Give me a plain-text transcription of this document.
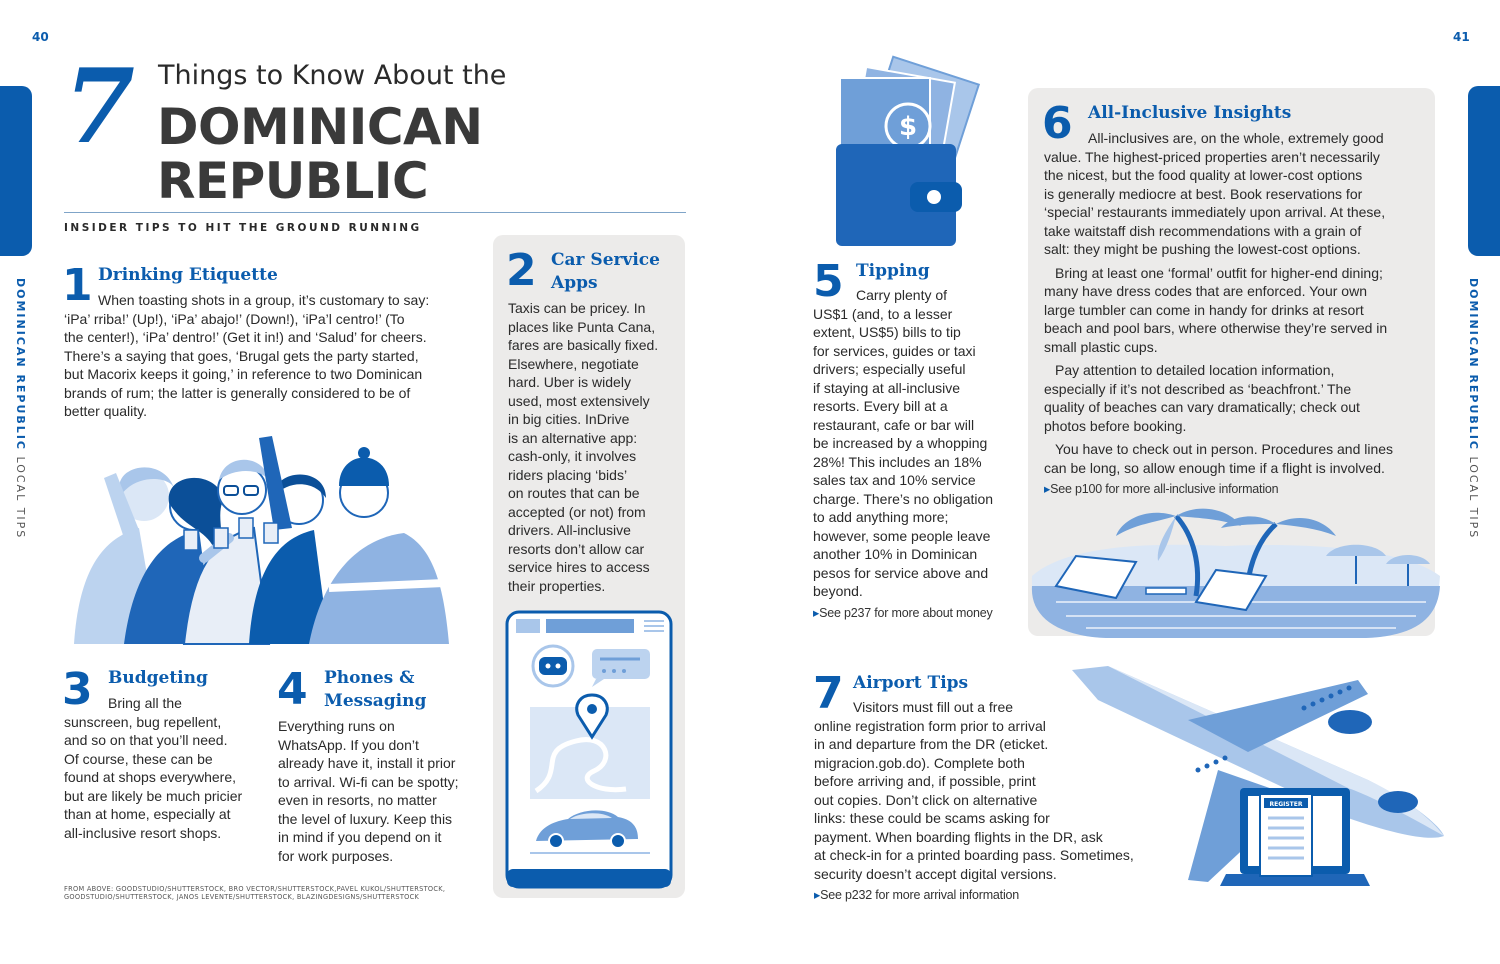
40	41
DOMINICAN REPUBLIC LOCAL TIPS
DOMINICAN REPUBLIC LOCAL TIPS
7 Things to Know About the
DOMINICAN
REPUBLIC
INSIDER TIPS TO HIT THE GROUND RUNNING
1 Drinking Etiquette
When toasting shots in a group, it’s customary to say:
‘iPa’ rriba!’ (Up!), ‘iPa’ abajo!’ (Down!), ‘iPa’l centro!’ (To
the center!), ‘iPa’ dentro!’ (Get it in!) and ‘Salud’ for cheers.
There’s a saying that goes, ‘Brugal gets the party started,
but Macorix keeps it going,’ in reference to two Dominican
brands of rum; the latter is generally considered to be of
better quality.
3 Budgeting
Bring all the
sunscreen, bug repellent,
and so on that you’ll need.
Of course, these can be
found at shops everywhere,
but are likely be much pricier
than at home, especially at
all-inclusive resort shops.
4 Phones &
Messaging
Everything runs on
WhatsApp. If you don’t
already have it, install it prior
to arrival. Wi-fi can be spotty;
even in resorts, no matter
the level of luxury. Keep this
in mind if you depend on it
for work purposes.
FROM ABOVE: GOODSTUDIO/SHUTTERSTOCK, BRO VECTOR/SHUTTERSTOCK,PAVEL KUKOL/SHUTTERSTOCK,
GOODSTUDIO/SHUTTERSTOCK, JANOS LEVENTE/SHUTTERSTOCK, BLAZINGDESIGNS/SHUTTERSTOCK
2 Car Service
Apps
Taxis can be pricey. In
places like Punta Cana,
fares are basically fixed.
Elsewhere, negotiate
hard. Uber is widely
used, most extensively
in big cities. InDrive
is an alternative app:
cash-only, it involves
riders placing ‘bids’
on routes that can be
accepted (or not) from
drivers. All-inclusive
resorts don’t allow car
service hires to access
their properties.
$
5 Tipping
Carry plenty of
US$1 (and, to a lesser
extent, US$5) bills to tip
for services, guides or taxi
drivers; especially useful
if staying at all-inclusive
resorts. Every bill at a
restaurant, cafe or bar will
be increased by a whopping
28%! This includes an 18%
sales tax and 10% service
charge. There’s no obligation
to add anything more;
however, some people leave
another 10% in Dominican
pesos for service above and
beyond.
▸ See p237 for more about money
6 All-Inclusive Insights

All-inclusives are, on the whole, extremely good
value. The highest-priced properties aren’t necessarily
the nicest, but the food quality at lower-cost options
is generally mediocre at best. Book reservations for
‘special’ restaurants immediately upon arrival. At these,
take waitstaff dish recommendations with a grain of
salt: they might be pushing the lowest-cost options.

Bring at least one ‘formal’ outfit for higher-end dining;
many have dress codes that are enforced. Your own
large tumbler can come in handy for drinks at resort
beach and pool bars, where otherwise they’re served in
small plastic cups.

Pay attention to detailed location information,
especially if it’s not described as ‘beachfront.’ The
quality of beaches can vary dramatically; check out
photos before booking.

You have to check out in person. Procedures and lines
can be long, so allow enough time if a flight is involved.

▸ See p100 for more all-inclusive information
7 Airport Tips
Visitors must fill out a free
online registration form prior to arrival
in and departure from the DR (eticket.
migracion.gob.do). Complete both
before arriving and, if possible, print
out copies. Don’t click on alternative
links: these could be scams asking for
payment. When boarding flights in the DR, ask
at check-in for a printed boarding pass. Sometimes,
security doesn’t accept digital versions.
▸ See p232 for more arrival information
REGISTER
